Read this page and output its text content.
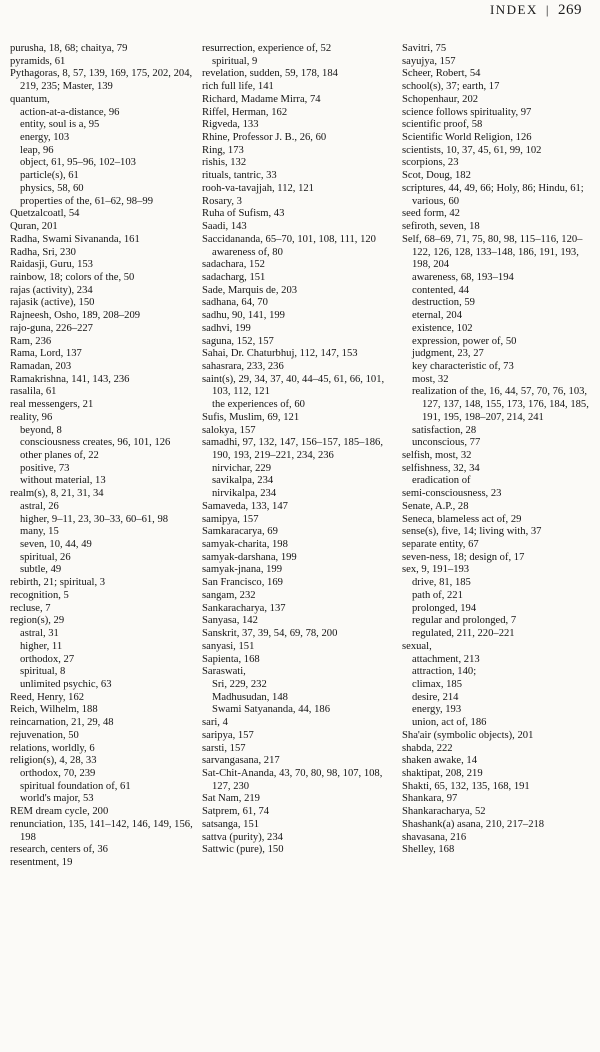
INDEX | 269
purusha, 18, 68; chaitya, 79
pyramids, 61
Pythagoras, 8, 57, 139, 169, 175, 202, 204, 219, 235; Master, 139
quantum,
action-at-a-distance, 96
entity, soul is a, 95
energy, 103
leap, 96
object, 61, 95–96, 102–103
particle(s), 61
physics, 58, 60
properties of the, 61–62, 98–99
Quetzalcoatl, 54
Quran, 201
Radha, Swami Sivananda, 161
Radha, Sri, 230
Raidasji, Guru, 153
rainbow, 18; colors of the, 50
rajas (activity), 234
rajasik (active), 150
Rajneesh, Osho, 189, 208–209
rajo-guna, 226–227
Ram, 236
Rama, Lord, 137
Ramadan, 203
Ramakrishna, 141, 143, 236
rasalila, 61
real messengers, 21
reality, 96
beyond, 8
consciousness creates, 96, 101, 126
other planes of, 22
positive, 73
without material, 13
realm(s), 8, 21, 31, 34
astral, 26
higher, 9–11, 23, 30–33, 60–61, 98
many, 15
seven, 10, 44, 49
spiritual, 26
subtle, 49
rebirth, 21; spiritual, 3
recognition, 5
recluse, 7
region(s), 29
astral, 31
higher, 11
orthodox, 27
spiritual, 8
unlimited psychic, 63
Reed, Henry, 162
Reich, Wilhelm, 188
reincarnation, 21, 29, 48
rejuvenation, 50
relations, worldly, 6
religion(s), 4, 28, 33
orthodox, 70, 239
spiritual foundation of, 61
world's major, 53
REM dream cycle, 200
renunciation, 135, 141–142, 146, 149, 156, 198
research, centers of, 36
resentment, 19
resurrection, experience of, 52
spiritual, 9
revelation, sudden, 59, 178, 184
rich full life, 141
Richard, Madame Mirra, 74
Riffel, Herman, 162
Rigveda, 133
Rhine, Professor J. B., 26, 60
Ring, 173
rishis, 132
rituals, tantric, 33
rooh-va-tavajjah, 112, 121
Rosary, 3
Ruha of Sufism, 43
Saadi, 143
Saccidananda, 65–70, 101, 108, 111, 120
awareness of, 80
sadachara, 152
sadacharg, 151
Sade, Marquis de, 203
sadhana, 64, 70
sadhu, 90, 141, 199
sadhvi, 199
saguna, 152, 157
Sahai, Dr. Chaturbhuj, 112, 147, 153
sahasrara, 233, 236
saint(s), 29, 34, 37, 40, 44–45, 61, 66, 101, 103, 112, 121
the experiences of, 60
Sufis, Muslim, 69, 121
salokya, 157
samadhi, 97, 132, 147, 156–157, 185–186, 190, 193, 219–221, 234, 236
nirvichar, 229
savikalpa, 234
nirvikalpa, 234
Samaveda, 133, 147
samipya, 157
Samkaracarya, 69
samyak-charita, 198
samyak-darshana, 199
samyak-jnana, 199
San Francisco, 169
sangam, 232
Sankaracharya, 137
Sanyasa, 142
Sanskrit, 37, 39, 54, 69, 78, 200
sanyasi, 151
Sapienta, 168
Saraswati,
Sri, 229, 232
Madhusudan, 148
Swami Satyananda, 44, 186
sari, 4
saripya, 157
sarsti, 157
sarvangasana, 217
Sat-Chit-Ananda, 43, 70, 80, 98, 107, 108, 127, 230
Sat Nam, 219
Satprem, 61, 74
satsanga, 151
sattva (purity), 234
Sattwic (pure), 150
Savitri, 75
sayujya, 157
Scheer, Robert, 54
school(s), 37; earth, 17
Schopenhaur, 202
science follows spirituality, 97
scientific proof, 58
Scientific World Religion, 126
scientists, 10, 37, 45, 61, 99, 102
scorpions, 23
Scot, Doug, 182
scriptures, 44, 49, 66; Holy, 86; Hindu, 61; various, 60
seed form, 42
sefiroth, seven, 18
Self, 68–69, 71, 75, 80, 98, 115–116, 120–122, 126, 128, 133–148, 186, 191, 193, 198, 204
awareness, 68, 193–194
contented, 44
destruction, 59
eternal, 204
existence, 102
expression, power of, 50
judgment, 23, 27
key characteristic of, 73
most, 32
realization of the, 16, 44, 57, 70, 76, 103, 127, 137, 148, 155, 173, 176, 184, 185, 191, 195, 198–207, 214, 241
satisfaction, 28
unconscious, 77
selfish, most, 32
selfishness, 32, 34
eradication of
semi-consciousness, 23
Senate, A.P., 28
Seneca, blameless act of, 29
sense(s), five, 14; living with, 37
separate entity, 67
seven-ness, 18; design of, 17
sex, 9, 191–193
drive, 81, 185
path of, 221
prolonged, 194
regular and prolonged, 7
regulated, 211, 220–221
sexual,
attachment, 213
attraction, 140;
climax, 185
desire, 214
energy, 193
union, act of, 186
Sha'air (symbolic objects), 201
shabda, 222
shaken awake, 14
shaktipat, 208, 219
Shakti, 65, 132, 135, 168, 191
Shankara, 97
Shankaracharya, 52
Shashank(a) asana, 210, 217–218
shavasana, 216
Shelley, 168
